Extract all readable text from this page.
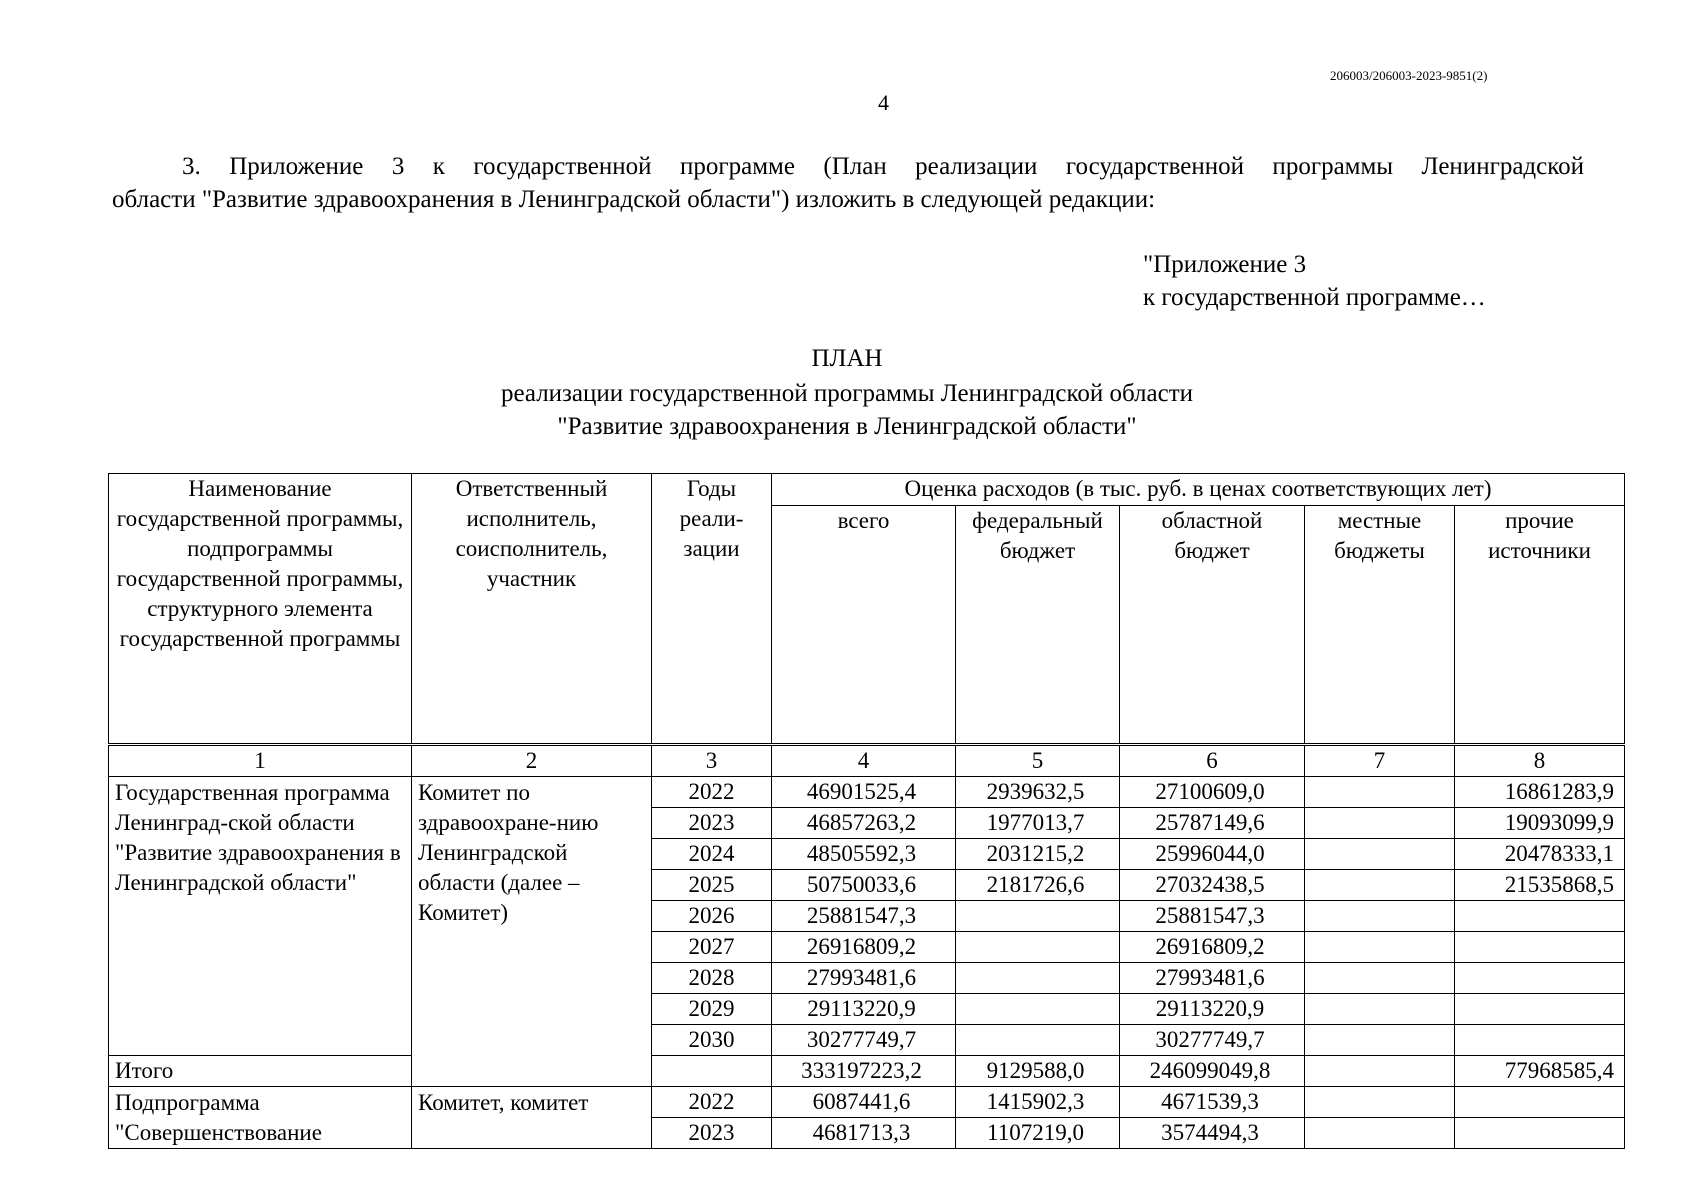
206003/206003-2023-9851(2)
4
3. Приложение 3 к государственной программе (План реализации государственной программы Ленинградской
области "Развитие здравоохранения в Ленинградской области") изложить в следующей редакции:
"Приложение 3
к государственной программе…
ПЛАН
реализации государственной программы Ленинградской области
"Развитие здравоохранения в Ленинградской области"
Наименование государственной программы, подпрограммы государственной программы, структурного элемента государственной программы	Ответственный исполнитель, соисполнитель, участник	Годы реали-зации	Оценка расходов (в тыс. руб. в ценах соответствующих лет)				
			всего	федеральный бюджет	областной бюджет	местные бюджеты	прочие источники
1	2	3	4	5	6	7	8
Государственная программа Ленинград-ской области "Развитие здравоохранения в Ленинградской области"	Комитет по здравоохране-нию Ленинградской области (далее – Комитет)	2022	46901525,4	2939632,5	27100609,0		16861283,9
		2023	46857263,2	1977013,7	25787149,6		19093099,9
		2024	48505592,3	2031215,2	25996044,0		20478333,1
		2025	50750033,6	2181726,6	27032438,5		21535868,5
		2026	25881547,3		25881547,3		
		2027	26916809,2		26916809,2		
		2028	27993481,6		27993481,6		
		2029	29113220,9		29113220,9		
		2030	30277749,7		30277749,7		
Итого			333197223,2	9129588,0	246099049,8		77968585,4
Подпрограмма "Совершенствование	Комитет, комитет	2022	6087441,6	1415902,3	4671539,3		
		2023	4681713,3	1107219,0	3574494,3		
